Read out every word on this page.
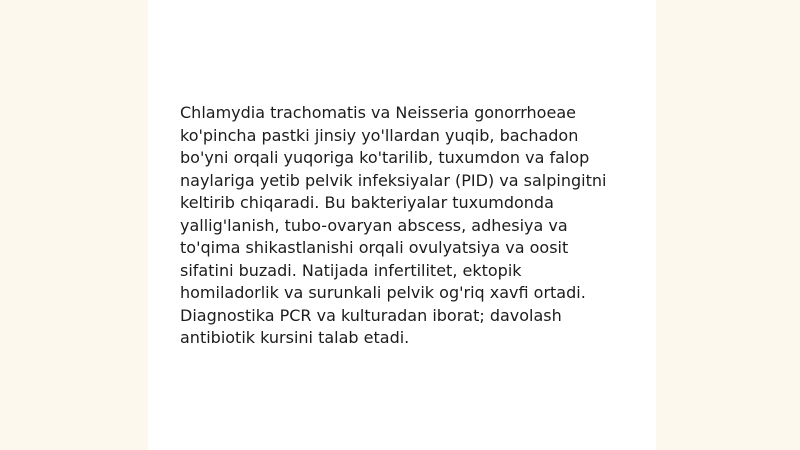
Chlamydia trachomatis va Neisseria gonorrhoeae
ko'pincha pastki jinsiy yo'llardan yuqib, bachadon
bo'yni orqali yuqoriga ko'tarilib, tuxumdon va falop
naylariga yetib pelvik infeksiyalar (PID) va salpingitni
keltirib chiqaradi. Bu bakteriyalar tuxumdonda
yallig'lanish, tubo-ovaryan abscess, adhesiya va
to'qima shikastlanishi orqali ovulyatsiya va oosit
sifatini buzadi. Natijada infertilitet, ektopik
homiladorlik va surunkali pelvik og'riq xavfi ortadi.
Diagnostika PCR va kulturadan iborat; davolash
antibiotik kursini talab etadi.
